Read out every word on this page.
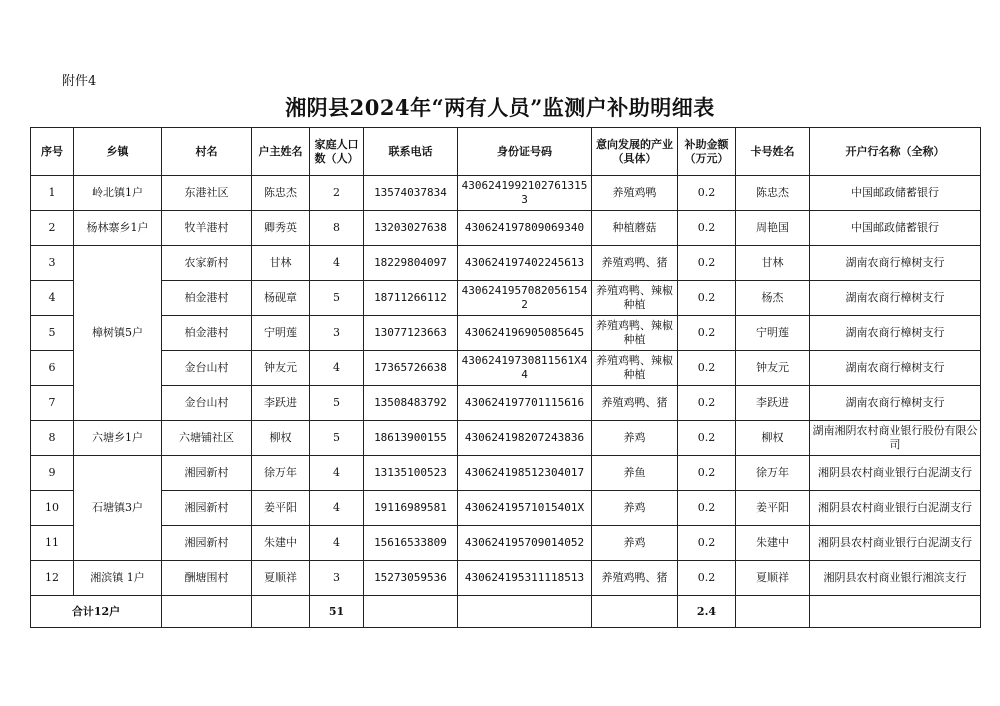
附件4
湘阴县2024年“两有人员”监测户补助明细表
序号	乡镇	村名	户主姓名	家庭人口数（人）	联系电话	身份证号码	意向发展的产业（具体）	补助金额（万元）	卡号姓名	开户行名称（全称）
1	岭北镇1户	东港社区	陈忠杰	2	13574037834	430624199210276131​53	养殖鸡鸭	0.2	陈忠杰	中国邮政储蓄银行
2	杨林寨乡1户	牧羊港村	卿秀英	8	13203027638	430624197809069340	种植蘑菇	0.2	周艳国	中国邮政储蓄银行
3	樟树镇5户	农家新村	甘林	4	18229804097	430624197402245613	养殖鸡鸭、猪	0.2	甘林	湖南农商行樟树支行
4		柏金港村	杨砚章	5	18711266112	430624195708205615​42	养殖鸡鸭、辣椒种植	0.2	杨杰	湖南农商行樟树支行
5		柏金港村	宁明莲	3	13077123663	430624196905085645	养殖鸡鸭、辣椒种植	0.2	宁明莲	湖南农商行樟树支行
6		金台山村	钟友元	4	17365726638	430624197308115​61X44	养殖鸡鸭、辣椒种植	0.2	钟友元	湖南农商行樟树支行
7		金台山村	李跃进	5	13508483792	430624197701115616	养殖鸡鸭、猪	0.2	李跃进	湖南农商行樟树支行
8	六塘乡1户	六塘铺社区	柳权	5	18613900155	430624198207243836	养鸡	0.2	柳权	湖南湘阴农村商业银行股份有限公司
9	石塘镇3户	湘园新村	徐万年	4	13135100523	430624198512304017	养鱼	0.2	徐万年	湘阴县农村商业银行白泥湖支行
10		湘园新村	姜平阳	4	19116989581	43062419571015401X	养鸡	0.2	姜平阳	湘阴县农村商业银行白泥湖支行
11		湘园新村	朱建中	4	15616533809	430624195709014052	养鸡	0.2	朱建中	湘阴县农村商业银行白泥湖支行
12	湘滨镇 1户	酬塘围村	夏顺祥	3	15273059536	430624195311118513	养殖鸡鸭、猪	0.2	夏顺祥	湘阴县农村商业银行湘滨支行
合计12户				51				2.4		
